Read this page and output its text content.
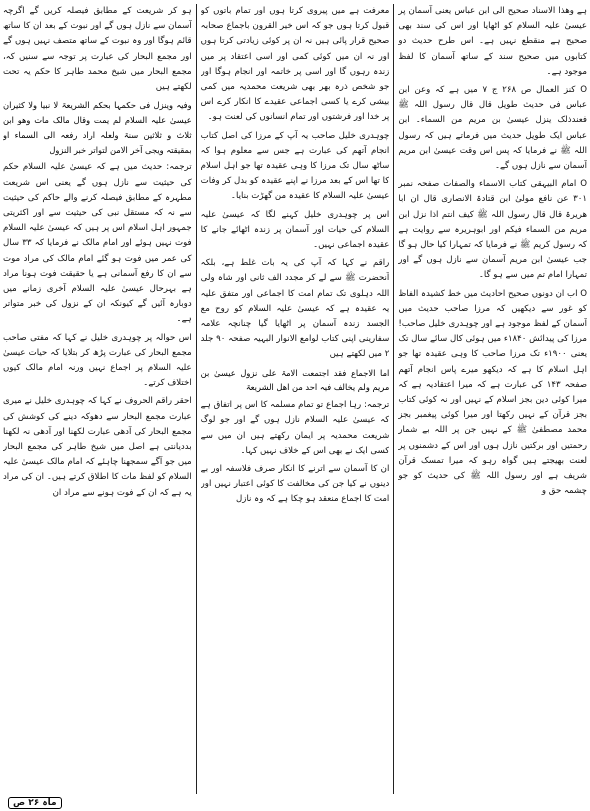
ہے وھذا الاسناد صحیح الی ابن عباس یعنی آسمان پر عیسیٰ علیہ السلام کو اٹھایا اور اس کی سند بھی صحیح ہے منقطع نہیں ہے۔ اس طرح حدیث دو کتابوں میں صحیح سند کے ساتھ آسمان کا لفظ موجود ہے۔

O کنز العمال ص ۲۶۸ ج ۷ میں ہے کہ وعن ابن عباس فی حدیث طویل قال قال رسول اللہ ﷺ فعندذلک ینزل عیسیٰ بن مریم من السماء۔ ابن عباس ایک طویل حدیث میں فرماتے ہیں کہ رسول اللہ ﷺ نے فرمایا کہ پس اس وقت عیسیٰ ابن مریم آسمان سے نازل ہوں گے۔

O امام البیہقی کتاب الاسماء والصفات صفحہ نمبر ۳۰۱ عن نافع مولیٰ ابن قتادۃ الانصاری قال ان ابا ھریرۃ قال قال رسول اللہ ﷺ کیف انتم اذا نزل ابن مریم من السماء فیکم اور ابوہریرہ سے روایت ہے کہ رسول کریم ﷺ نے فرمایا کہ تمہارا کیا حال ہو گا جب عیسیٰ ابن مریم آسمان سے نازل ہوں گے اور تمہارا امام تم میں سے ہو گا۔

O اب ان دونوں صحیح احادیث میں خط کشیدہ الفاظ کو غور سے دیکھیں کہ مرزا صاحب حدیث میں آسمان کے لفظ موجود ہے اور چوہدری خلیل صاحب! مرزا کی پیدائش ۱۸۴۰ء میں ہوئی کال سائے سال تک یعنی ۱۹۰۰ء تک مرزا صاحب کا وہی عقیدہ تھا جو اہل اسلام کا ہے کہ دیکھو میرے پاس انجام آتھم صفحہ ۱۴۳ کی عبارت ہے کہ میرا اعتقادیہ ہے کہ میرا کوئی دین بجز اسلام کے نہیں اور نہ کوئی کتاب بجز قرآن کے نہیں رکھتا اور میرا کوئی پیغمبر بجز محمد مصطفیٰ ﷺ کے نہیں جن پر اللہ بے شمار رحمتیں اور برکتیں نازل ہوں اور اس کے دشمنوں پر لعنت بھیجتے ہیں گواہ رہو کہ میرا تمسک قرآن شریف ہے اور رسول اللہ ﷺ کی حدیث کو جو چشمہ حق و

معرفت ہے میں پیروی کرتا ہوں اور تمام باتوں کو قبول کرتا ہوں جو کہ اس خیر القرون باجماع صحابہ صحیح قرار پائی ہیں نہ ان پر کوئی زیادتی کرتا ہوں اور نہ ان میں کوئی کمی اور اسی اعتقاد پر میں زندہ رہوں گا اور اسی پر خاتمہ اور انجام ہوگا اور جو شخص ذرہ بھر بھی شریعت محمدیہ میں کمی بیشی کرے یا کسی اجماعی عقیدے کا انکار کرے اس پر خدا اور فرشتوں اور تمام انسانوں کی لعنت ہو۔

چوہدری خلیل صاحب یہ آپ کے مرزا کی اصل کتاب انجام آتھم کی عبارت ہے جس سے معلوم ہوا کہ ساٹھ سال تک مرزا کا وہی عقیدہ تھا جو اہل اسلام کا تھا اس کے بعد مرزا نے اپنے عقیدہ کو بدل کر وفات عیسیٰ علیہ السلام کا عقیدہ من گھڑت بنایا۔

اس پر چوہدری خلیل کہنے لگا کہ عیسیٰ علیہ السلام کی حیات اور آسمان پر زندہ اٹھائے جانے کا عقیدہ اجماعی نہیں۔

راقم نے کہا کہ آپ کی یہ بات غلط ہے، بلکہ آنحضرت ﷺ سے لے کر مجدد الف ثانی اور شاہ ولی اللہ دہلوی تک تمام امت کا اجماعی اور متفق علیہ یہ عقیدہ ہے کہ عیسیٰ علیہ السلام کو روح مع الجسد زندہ آسمان پر اٹھایا گیا چنانچہ علامہ سفارینی اپنی کتاب لوامع الانوار البہیہ صفحہ ۹۰ جلد ۲ میں لکھتے ہیں

اما الاجماع فقد اجتمعت الامۃ علی نزول عیسیٰ بن مریم ولم یخالف فیہ احد من اھل الشریعۃ

ترجمہ: رہا اجماع تو تمام مسلمہ کا اس پر اتفاق ہے کہ عیسیٰ علیہ السلام نازل ہوں گے اور جو لوگ شریعت محمدیہ پر ایمان رکھتے ہیں ان میں سے کسی ایک نے بھی اس کے خلاف نہیں کہا۔

ان کا آسمان سے اترنے کا انکار صرف فلاسفہ اور بے دینوں نے کیا جن کی مخالفت کا کوئی اعتبار نہیں اور امت کا اجماع منعقد ہو چکا ہے کہ وہ نازل

ہو کر شریعت کے مطابق فیصلہ کریں گے اگرچہ آسمان سے نازل ہوں گے اور نبوت کے بعد ان کا ساتھ قائم ہوگا اور وہ نبوت کے ساتھ متصف نہیں ہوں گے اور مجمع البحار کی عبارت پر توجہ سے سنیں کہ، مجمع البحار میں شیخ محمد طاہر کا حکم یہ تحت لکھتے ہیں

وفیہ وینزل فی حکمہا بحکم الشریعۃ لا نبیا ولا کثیران عیسیٰ علیہ السلام لم یمت وقال مالک مات وھو ابن ثلاث و ثلاثین سنۃ ولعلہ اراد رفعہ الی السماء او بمقیقتہ ویجی آخر الامن لتواتر خبر النزول

ترجمہ: حدیث میں ہے کہ عیسیٰ علیہ السلام حکم کی حیثیت سے نازل ہوں گے یعنی اس شریعت مطہرہ کے مطابق فیصلہ کرنے والے حاکم کی حیثیت سے نہ کہ مستقل نبی کی حیثیت سے اور اکثریتی جمہور اہل اسلام اس پر ہیں کہ عیسیٰ علیہ السلام فوت نہیں ہوئے اور امام مالک نے فرمایا کہ ۳۳ سال کی عمر میں فوت ہو گئے امام مالک کی مراد موت سے ان کا رفع آسمانی ہے یا حقیقت فوت ہونا مراد ہے بہرحال عیسیٰ علیہ السلام آخری زمانے میں دوبارہ آئیں گے کیونکہ ان کے نزول کی خبر متواتر ہے۔

اس حوالہ پر چوہدری خلیل نے کہا کہ مفتی صاحب مجمع البحار کی عبارت پڑھ کر بتلایا کہ حیات عیسیٰ علیہ السلام پر اجماع نہیں ورنہ امام مالک کیوں اختلاف کرتے۔

احقر راقم الحروف نے کہا کہ چوہدری خلیل نے میری عبارت مجمع البحار سے دھوکہ دینے کی کوشش کی مجمع البحار کی آدھی عبارت لکھنا اور آدھی نہ لکھنا بددیانتی ہے اصل میں شیخ طاہر کی مجمع البحار میں جو آگے سمجھنا چاہئے کہ امام مالک عیسیٰ علیہ السلام کو لفظ مات کا اطلاق کرتے ہیں۔ ان کی مراد یہ ہے کہ ان کے فوت ہونے سے مراد ان

ماہ ۲۶ ص
